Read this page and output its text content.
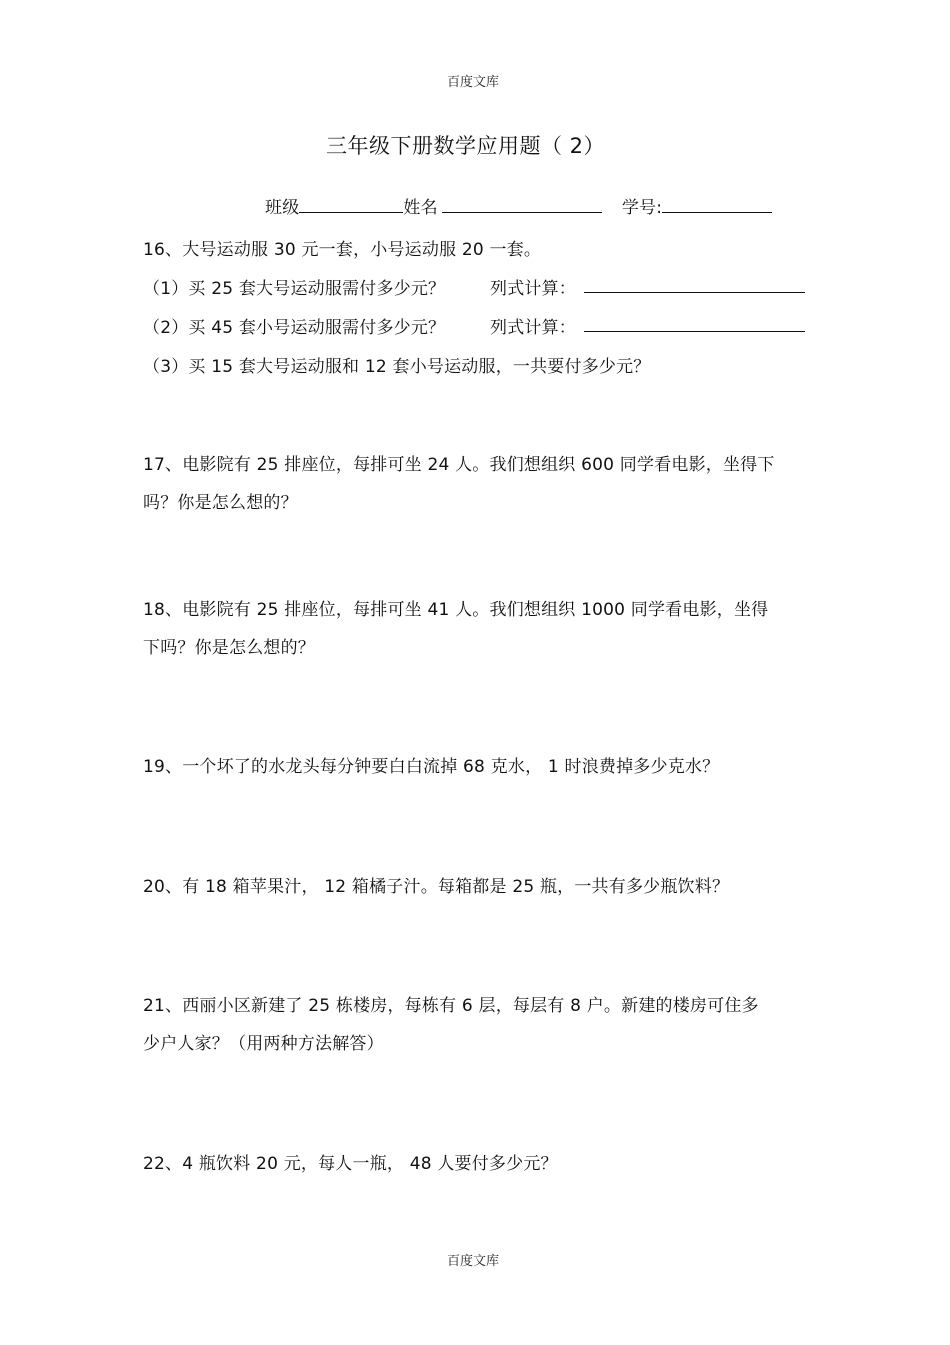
百度文库
三年级下册数学应用题（ 2）
班级	姓名	学号:
16、大号运动服 30 元一套，小号运动服 20 一套。
（1）买 25 套大号运动服需付多少元？	列式计算：
（2）买 45 套小号运动服需付多少元？	列式计算：
（3）买 15 套大号运动服和 12 套小号运动服，一共要付多少元？
17、电影院有 25 排座位，每排可坐 24 人。我们想组织 600 同学看电影，坐得下
吗？你是怎么想的？
18、电影院有 25 排座位，每排可坐 41 人。我们想组织 1000 同学看电影，坐得
下吗？你是怎么想的？
19、一个坏了的水龙头每分钟要白白流掉 68 克水， 1 时浪费掉多少克水？
20、有 18 箱苹果汁， 12 箱橘子汁。每箱都是 25 瓶，一共有多少瓶饮料？
21、西丽小区新建了 25 栋楼房，每栋有 6 层，每层有 8 户。新建的楼房可住多
少户人家？（用两种方法解答）
22、4 瓶饮料 20 元，每人一瓶， 48 人要付多少元？
百度文库
